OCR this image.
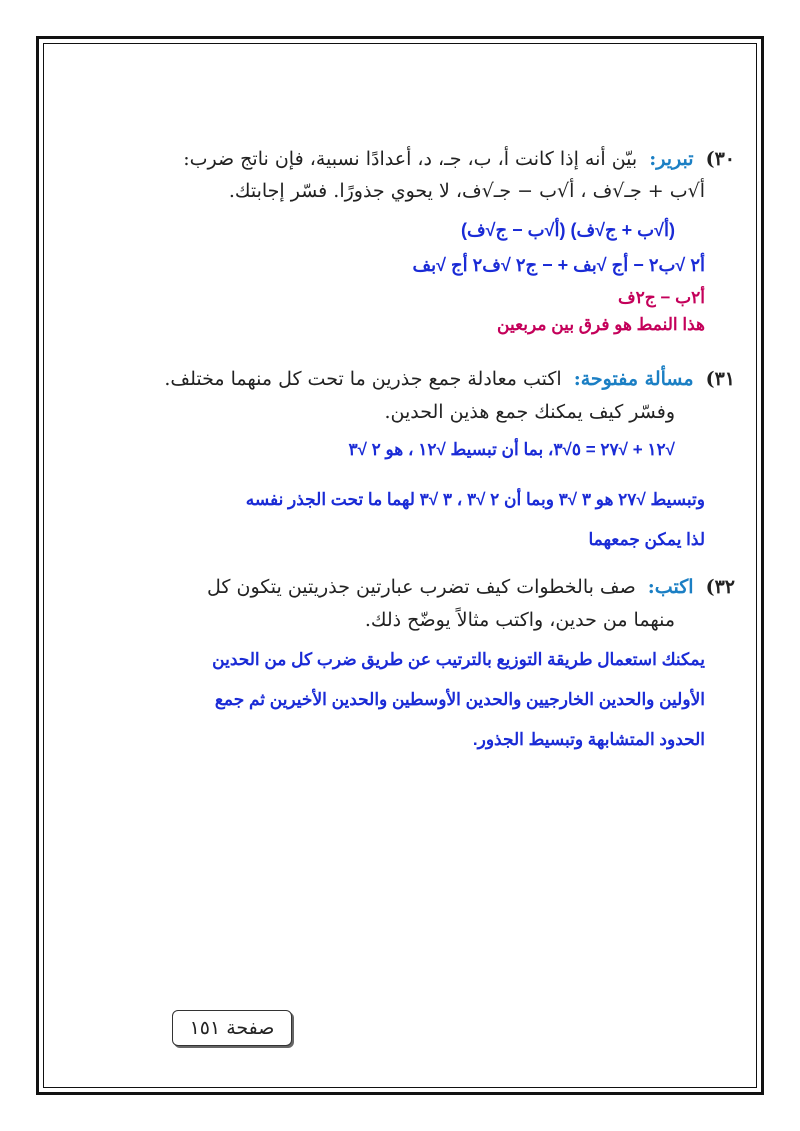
٣٠) تبرير: بيّن أنه إذا كانت أ، ب، جـ، د، أعدادًا نسبية، فإن ناتج ضرب:
أ√ب + جـ√ف ، أ√ب − جـ√ف، لا يحوي جذورًا. فسّر إجابتك.
(أ√ب + ج√ف) (أ√ب − ج√ف)
أ٢ √ب٢ − أج √بف + − ج٢ √ف٢ أج √بف
أ٢ب − ج٢ف
هذا النمط هو فرق بين مربعين
٣١) مسألة مفتوحة: اكتب معادلة جمع جذرين ما تحت كل منهما مختلف.
وفسّر كيف يمكنك جمع هذين الحدين.
√١٢ + √٢٧ = ٥√٣، بما أن تبسيط √١٢ ، هو ٢ √٣
وتبسيط √٢٧ هو ٣ √٣ وبما أن ٢ √٣ ، ٣ √٣ لهما ما تحت الجذر نفسه
لذا يمكن جمعهما
٣٢) اكتب: صف بالخطوات كيف تضرب عبارتين جذريتين يتكون كل
منهما من حدين، واكتب مثالاً يوضّح ذلك.
يمكنك استعمال طريقة التوزيع بالترتيب عن طريق ضرب كل من الحدين
الأولين والحدين الخارجيين والحدين الأوسطين والحدين الأخيرين ثم جمع
الحدود المتشابهة وتبسيط الجذور.
صفحة ١٥١
